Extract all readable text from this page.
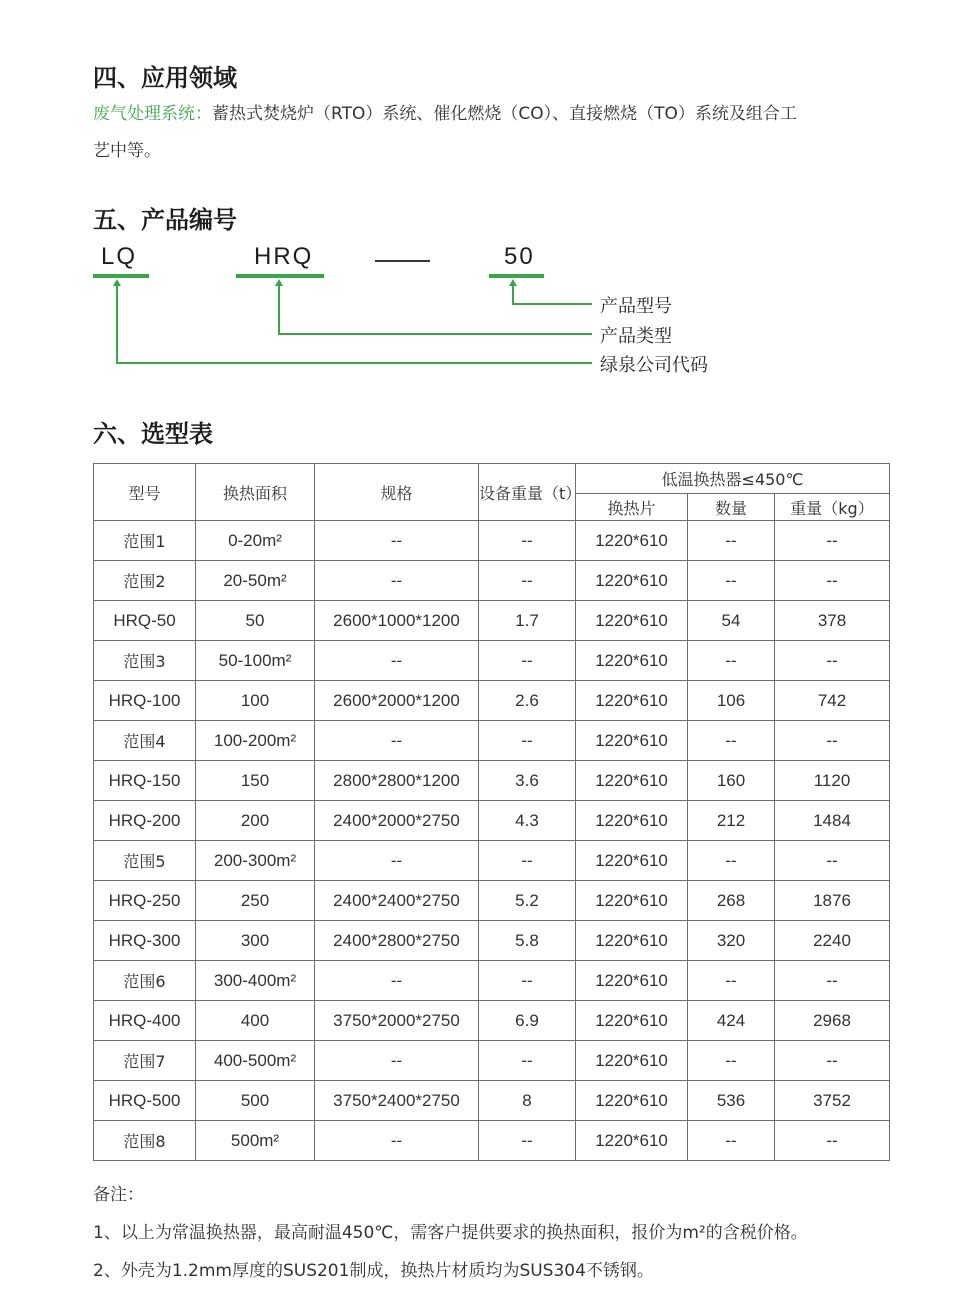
四、应用领域
废气处理系统：蓄热式焚烧炉（RTO）系统、催化燃烧（CO）、直接燃烧（TO）系统及组合工
艺中等。
五、产品编号
LQ	HRQ	50
产品型号
产品类型
绿泉公司代码
六、选型表
型号	换热面积	规格	设备重量（t）	低温换热器≤450℃		
				换热片	数量	重量（kg）
范围1	0-20m²	--	--	1220*610	--	--
范围2	20-50m²	--	--	1220*610	--	--
HRQ-50	50	2600*1000*1200	1.7	1220*610	54	378
范围3	50-100m²	--	--	1220*610	--	--
HRQ-100	100	2600*2000*1200	2.6	1220*610	106	742
范围4	100-200m²	--	--	1220*610	--	--
HRQ-150	150	2800*2800*1200	3.6	1220*610	160	1120
HRQ-200	200	2400*2000*2750	4.3	1220*610	212	1484
范围5	200-300m²	--	--	1220*610	--	--
HRQ-250	250	2400*2400*2750	5.2	1220*610	268	1876
HRQ-300	300	2400*2800*2750	5.8	1220*610	320	2240
范围6	300-400m²	--	--	1220*610	--	--
HRQ-400	400	3750*2000*2750	6.9	1220*610	424	2968
范围7	400-500m²	--	--	1220*610	--	--
HRQ-500	500	3750*2400*2750	8	1220*610	536	3752
范围8	500m²	--	--	1220*610	--	--
备注：
1、以上为常温换热器，最高耐温450℃，需客户提供要求的换热面积，报价为m²的含税价格。
2、外壳为1.2mm厚度的SUS201制成，换热片材质均为SUS304不锈钢。
